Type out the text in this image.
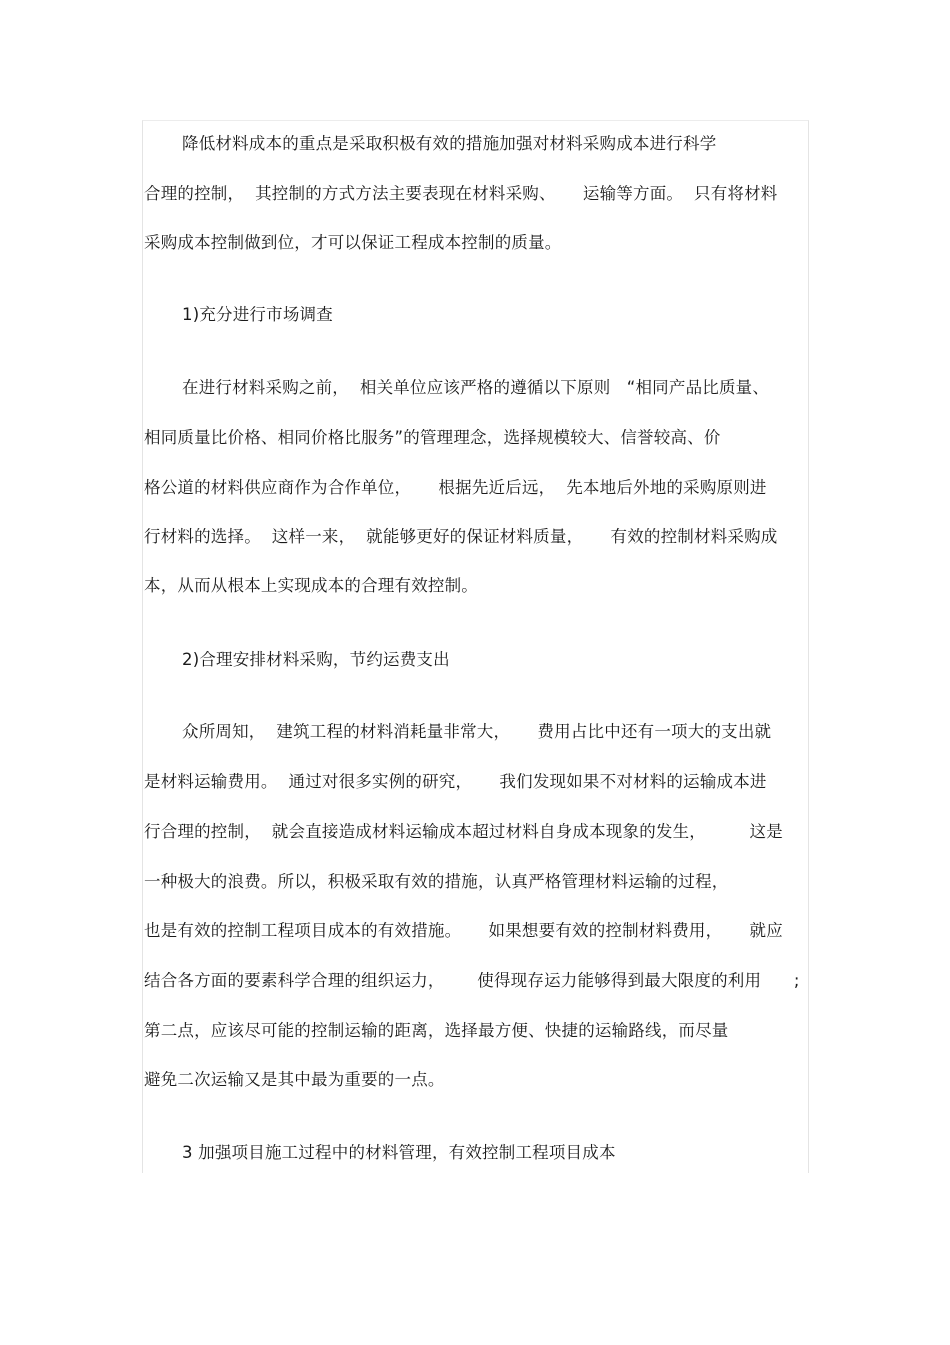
降低材料成本的重点是采取积极有效的措施加强对材料采购成本进行科学
合理的控制，  其控制的方式方法主要表现在材料采购、     运输等方面。  只有将材料
采购成本控制做到位，才可以保证工程成本控制的质量。
1)充分进行市场调查
在进行材料采购之前，  相关单位应该严格的遵循以下原则   “相同产品比质量、
相同质量比价格、相同价格比服务”的管理理念，选择规模较大、信誉较高、价
格公道的材料供应商作为合作单位，     根据先近后远，  先本地后外地的采购原则进
行材料的选择。  这样一来，  就能够更好的保证材料质量，     有效的控制材料采购成
本，从而从根本上实现成本的合理有效控制。
2)合理安排材料采购，节约运费支出
众所周知，  建筑工程的材料消耗量非常大，     费用占比中还有一项大的支出就
是材料运输费用。  通过对很多实例的研究，     我们发现如果不对材料的运输成本进
行合理的控制，  就会直接造成材料运输成本超过材料自身成本现象的发生，        这是
一种极大的浪费。所以，积极采取有效的措施，认真严格管理材料运输的过程，
也是有效的控制工程项目成本的有效措施。     如果想要有效的控制材料费用，     就应
结合各方面的要素科学合理的组织运力，      使得现存运力能够得到最大限度的利用      ;
第二点，应该尽可能的控制运输的距离，选择最方便、快捷的运输路线，而尽量
避免二次运输又是其中最为重要的一点。
3 加强项目施工过程中的材料管理，有效控制工程项目成本
